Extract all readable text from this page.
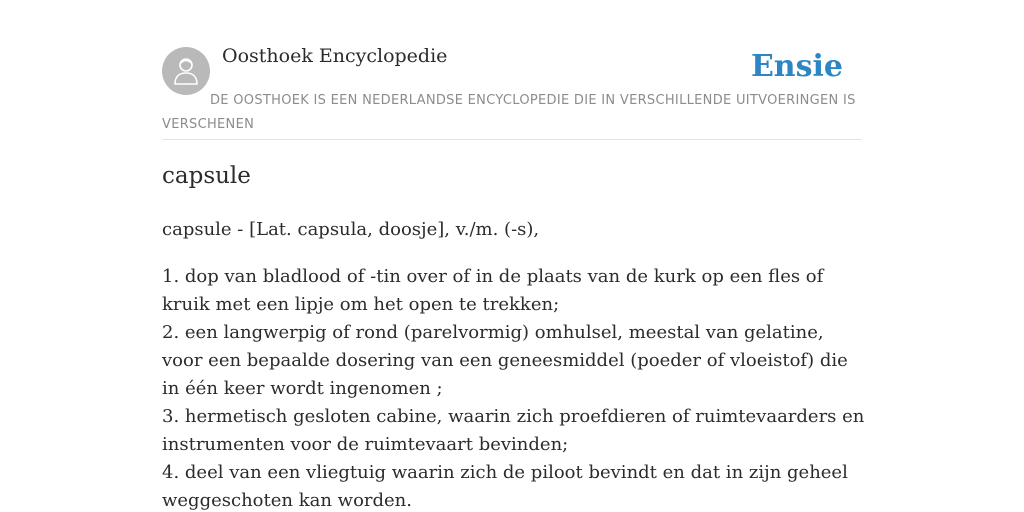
Oosthoek Encyclopedie	Ensie
DE OOSTHOEK IS EEN NEDERLANDSE ENCYCLOPEDIE DIE IN VERSCHILLENDE UITVOERINGEN IS VERSCHENEN
capsule

capsule - [Lat. capsula, doosje], v./m. (-s),

1. dop van bladlood of -tin over of in de plaats van de kurk op een fles of kruik met een lipje om het open te trekken;
2. een langwerpig of rond (parelvormig) omhulsel, meestal van gelatine, voor een bepaalde dosering van een geneesmiddel (poeder of vloeistof) die in één keer wordt ingenomen ;
3. hermetisch gesloten cabine, waarin zich proefdieren of ruimtevaarders en instrumenten voor de ruimtevaart bevinden;
4. deel van een vliegtuig waarin zich de piloot bevindt en dat in zijn geheel weggeschoten kan worden.
